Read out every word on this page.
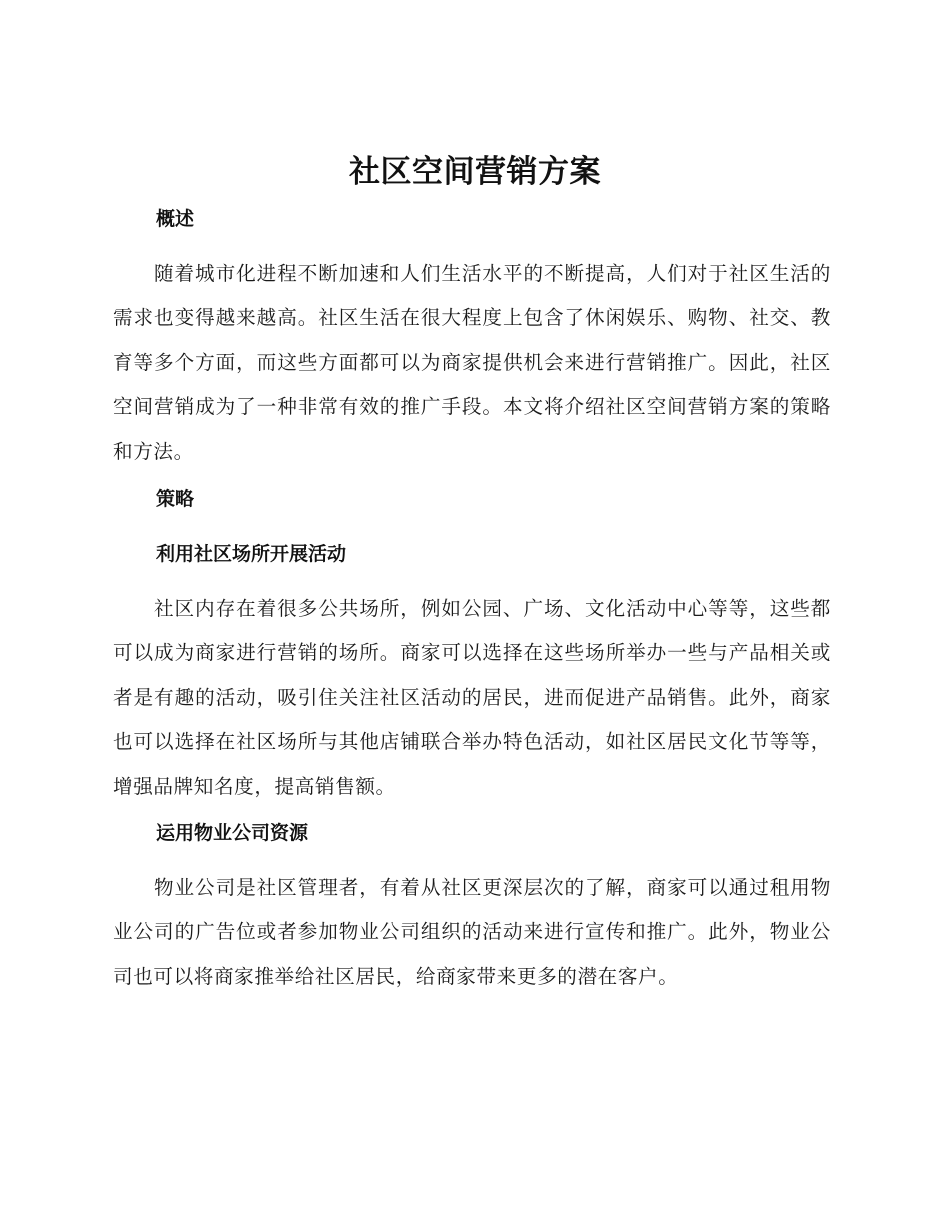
社区空间营销方案
概述

随着城市化进程不断加速和人们生活水平的不断提高，人们对于社区生活的需求也变得越来越高。社区生活在很大程度上包含了休闲娱乐、购物、社交、教育等多个方面，而这些方面都可以为商家提供机会来进行营销推广。因此，社区空间营销成为了一种非常有效的推广手段。本文将介绍社区空间营销方案的策略和方法。

策略
利用社区场所开展活动

社区内存在着很多公共场所，例如公园、广场、文化活动中心等等，这些都可以成为商家进行营销的场所。商家可以选择在这些场所举办一些与产品相关或者是有趣的活动，吸引住关注社区活动的居民，进而促进产品销售。此外，商家也可以选择在社区场所与其他店铺联合举办特色活动，如社区居民文化节等等，增强品牌知名度，提高销售额。

运用物业公司资源

物业公司是社区管理者，有着从社区更深层次的了解，商家可以通过租用物业公司的广告位或者参加物业公司组织的活动来进行宣传和推广。此外，物业公司也可以将商家推举给社区居民，给商家带来更多的潜在客户。
